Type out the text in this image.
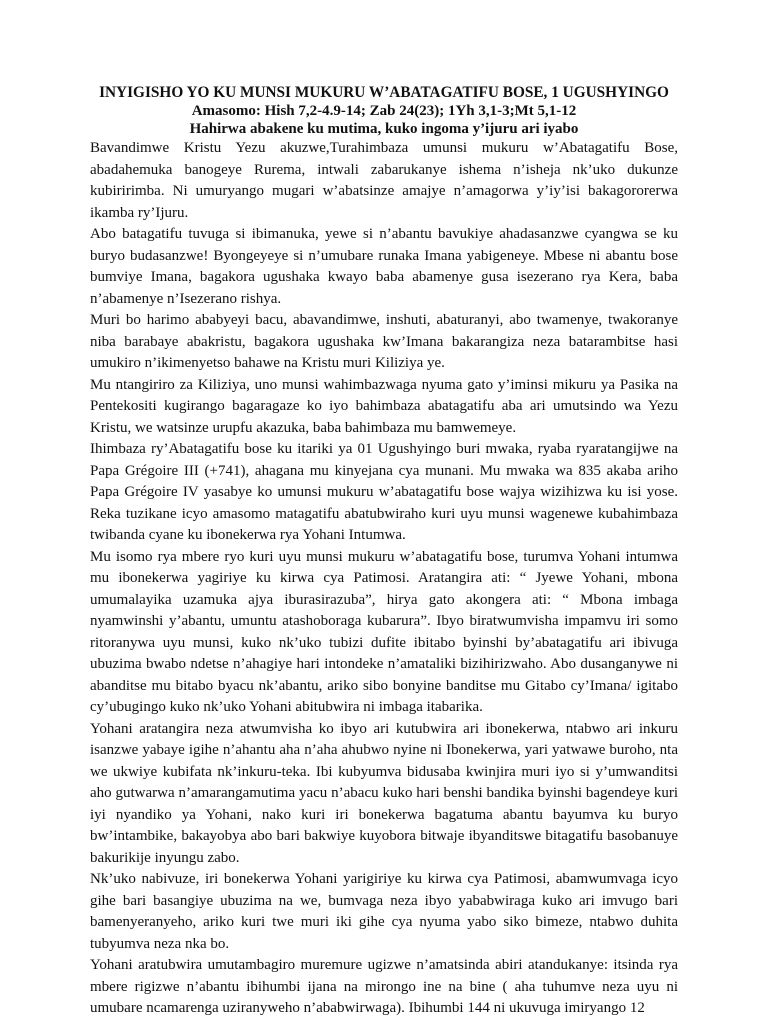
INYIGISHO YO KU MUNSI MUKURU W’ABATAGATIFU BOSE, 1 UGUSHYINGO

Amasomo: Hish 7,2-4.9-14; Zab 24(23); 1Yh 3,1-3;Mt 5,1-12

Hahirwa abakene ku mutima, kuko ingoma y’ijuru ari iyabo

Bavandimwe Kristu Yezu akuzwe,Turahimbaza umunsi mukuru w’Abatagatifu Bose, abadahemuka banogeye Rurema, intwali zabarukanye ishema n’isheja nk’uko dukunze kubiririmba. Ni umuryango mugari w’abatsinze amajye n’amagorwa y’iy’isi bakagororerwa ikamba ry’Ijuru.

Abo batagatifu tuvuga si ibimanuka, yewe si n’abantu bavukiye ahadasanzwe cyangwa se ku buryo budasanzwe! Byongeyeye si n’umubare runaka Imana yabigeneye. Mbese ni abantu bose bumviye Imana, bagakora ugushaka kwayo baba abamenye gusa isezerano rya Kera, baba n’abamenye n’Isezerano rishya.

Muri bo harimo ababyeyi bacu, abavandimwe, inshuti, abaturanyi, abo twamenye, twakoranye niba barabaye abakristu, bagakora ugushaka kw’Imana bakarangiza neza batarambitse hasi umukiro n’ikimenyetso bahawe na Kristu muri Kiliziya ye.

Mu ntangiriro za Kiliziya, uno munsi wahimbazwaga nyuma gato y’iminsi mikuru ya Pasika na Pentekositi kugirango bagaragaze ko iyo bahimbaza abatagatifu aba ari umutsindo wa Yezu Kristu, we watsinze urupfu akazuka, baba bahimbaza mu bamwemeye.

Ihimbaza ry’Abatagatifu bose ku itariki ya 01 Ugushyingo buri mwaka, ryaba ryaratangijwe na Papa Grégoire III (+741), ahagana mu kinyejana cya munani. Mu mwaka wa 835 akaba ariho Papa Grégoire IV yasabye ko umunsi mukuru w’abatagatifu bose wajya wizihizwa ku isi yose. Reka tuzikane icyo amasomo matagatifu abatubwiraho kuri uyu munsi wagenewe kubahimbaza twibanda cyane ku ibonekerwa rya Yohani Intumwa.

Mu isomo rya mbere ryo kuri uyu munsi mukuru w’abatagatifu bose, turumva Yohani intumwa mu ibonekerwa yagiriye ku kirwa cya Patimosi. Aratangira ati: “ Jyewe Yohani, mbona umumalayika uzamuka ajya iburasirazuba”, hirya gato akongera ati: “ Mbona imbaga nyamwinshi y’abantu, umuntu atashoboraga kubarura”. Ibyo biratwumvisha impamvu iri somo ritoranywa uyu munsi, kuko nk’uko tubizi dufite ibitabo byinshi by’abatagatifu ari ibivuga ubuzima bwabo ndetse n’ahagiye hari intondeke n’amataliki bizihirizwaho. Abo dusanganywe ni abanditse mu bitabo byacu nk’abantu, ariko sibo bonyine banditse mu Gitabo cy’Imana/ igitabo cy’ubugingo kuko nk’uko Yohani abitubwira ni imbaga itabarika.

Yohani aratangira neza atwumvisha ko ibyo ari kutubwira ari ibonekerwa, ntabwo ari inkuru isanzwe yabaye igihe n’ahantu aha n’aha ahubwo nyine ni Ibonekerwa, yari yatwawe buroho, nta we ukwiye kubifata nk’inkuru-teka. Ibi kubyumva bidusaba kwinjira muri iyo si y’umwanditsi aho gutwarwa n’amarangamutima yacu n’abacu kuko hari benshi bandika byinshi bagendeye kuri iyi nyandiko ya Yohani, nako kuri iri bonekerwa bagatuma abantu bayumva ku buryo bw’intambike, bakayobya abo bari bakwiye kuyobora bitwaje ibyanditswe bitagatifu basobanuye bakurikije inyungu zabo.

Nk’uko nabivuze, iri bonekerwa Yohani yarigiriye ku kirwa cya Patimosi, abamwumvaga icyo gihe bari basangiye ubuzima na we, bumvaga neza ibyo yababwiraga kuko ari imvugo bari bamenyeranyeho, ariko kuri twe muri iki gihe cya nyuma yabo siko bimeze, ntabwo duhita tubyumva neza nka bo.

Yohani aratubwira umutambagiro muremure ugizwe n’amatsinda abiri atandukanye: itsinda rya mbere rigizwe n’abantu ibihumbi ijana na mirongo ine na bine ( aha tuhumve neza uyu ni umubare ncamarenga uziranyweho n’ababwirwaga). Ibihumbi 144 ni ukuvuga imiryango 12
